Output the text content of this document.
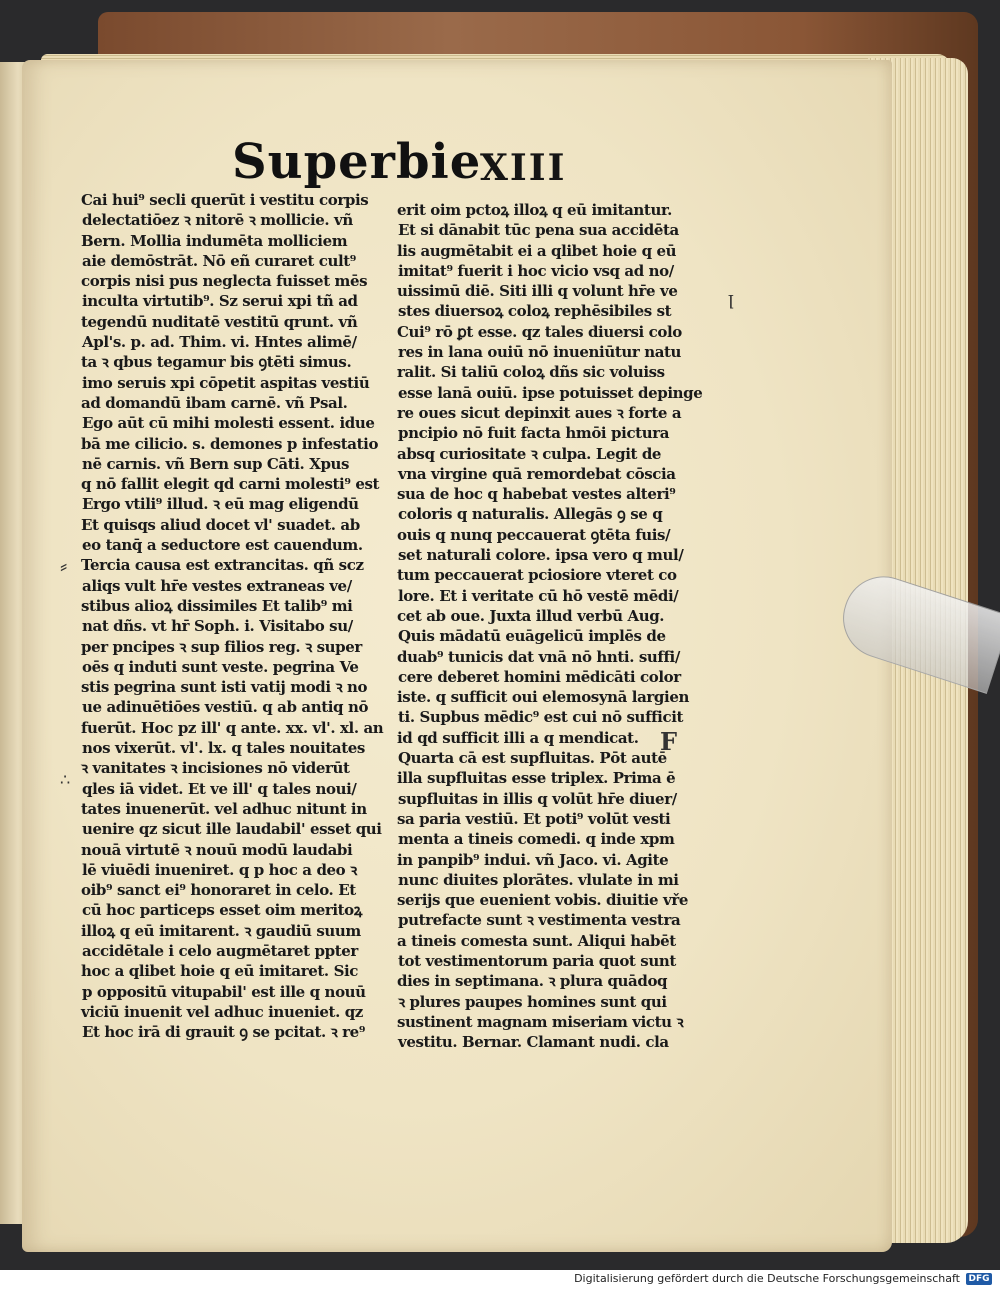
Superbie
XIII
Cai hui⁹ secli querūt i vestitu corpis
delectatiōez ꝛ nitorē ꝛ mollicie. vñ
Bern. Mollia indumēta molliciem
aie demōstrāt. Nō eñ curaret cult⁹
corpis nisi pus neglecta fuisset mēs
inculta virtutib⁹. Sz serui xpi tñ ad
tegendū nuditatē vestitū qrunt. vñ
Apl's. p. ad. Thim. vi. Hntes alimē/
ta ꝛ qbus tegamur bis ꝯtēti simus.
imo seruis xpi cōpetit aspitas vestiū
ad domandū ibam carnē. vñ Psal.
Ego aūt cū mihi molesti essent. idue
bā me cilicio. s. demones p infestatio
nē carnis. vñ Bern sup Cāti. Xpus
q nō fallit elegit qd carni molesti⁹ est
Ergo vtili⁹ illud. ꝛ eū mag eligendū
Et quisqs aliud docet vl' suadet. ab
eo tanq̄ a seductore est cauendum.
Tercia causa est extrancitas. qñ scz
aliqs vult hr̄e vestes extraneas ve/
stibus alioꝝ dissimiles Et talib⁹ mi
nat dñs. vt hr̄ Soph. i. Visitabo su/
per pncipes ꝛ sup filios reg. ꝛ super
oēs q induti sunt veste. pegrina Ve
stis pegrina sunt isti vatij modi ꝛ no
ue adinuētiōes vestiū. q ab antiq nō
fuerūt. Hoc pz ill' q ante. xx. vl'. xl. an
nos vixerūt. vl'. lx. q tales nouitates
ꝛ vanitates ꝛ incisiones nō viderūt
qles iā videt. Et ve ill' q tales noui/
tates inuenerūt. vel adhuc nitunt in
uenire qz sicut ille laudabil' esset qui
nouā virtutē ꝛ nouū modū laudabi
lē viuēdi inueniret. q p hoc a deo ꝛ
oib⁹ sanct ei⁹ honoraret in celo. Et
cū hoc particeps esset oim meritoꝝ
illoꝝ q eū imitarent. ꝛ gaudiū suum
accidētale i celo augmētaret ppter
hoc a qlibet hoie q eū imitaret. Sic
p oppositū vitupabil' est ille q nouū
viciū inuenit vel adhuc inueniet. qz
Et hoc irā di grauit ꝯ se pcitat. ꝛ re⁹
erit oim pctoꝝ illoꝝ q eū imitantur.
Et si dānabit tūc pena sua accidēta
lis augmētabit ei a qlibet hoie q eū
imitat⁹ fuerit i hoc vicio vsq ad no/
uissimū diē. Siti illi q volunt hr̄e ve
stes diuersoꝝ coloꝝ rephēsibiles st
Cui⁹ rō ꝑt esse. qz tales diuersi colo
res in lana ouiū nō inueniūtur natu
ralit. Si taliū coloꝝ dñs sic voluiss
esse lanā ouiū. ipse potuisset depinge
re oues sicut depinxit aues ꝛ forte a
pncipio nō fuit facta hmōi pictura
absq curiositate ꝛ culpa. Legit de
vna virgine quā remordebat cōscia
sua de hoc q habebat vestes alteri⁹
coloris q naturalis. Allegās ꝯ se q
ouis q nunq peccauerat ꝯtēta fuis/
set naturali colore. ipsa vero q mul/
tum peccauerat pciosiore vteret co
lore. Et i veritate cū hō vestē mēdi/
cet ab oue. Juxta illud verbū Aug.
Quis mādatū euāgelicū implēs de
duab⁹ tunicis dat vnā nō hnti. suffi/
cere deberet homini mēdicāti color
iste. q sufficit oui elemosynā largien
ti. Supbus mēdic⁹ est cui nō sufficit
id qd sufficit illi a q mendicat.
Quarta cā est supfluitas. Pōt autē
illa supfluitas esse triplex. Prima ē
supfluitas in illis q volūt hr̄e diuer/
sa paria vestiū. Et poti⁹ volūt vesti
menta a tineis comedi. q inde xpm
in panpib⁹ indui. vñ Jaco. vi. Agite
nunc diuites plorātes. vlulate in mi
serijs que euenient vobis. diuitie vře
putrefacte sunt ꝛ vestimenta vestra
a tineis comesta sunt. Aliqui habēt
tot vestimentorum paria quot sunt
dies in septimana. ꝛ plura quādoq
ꝛ plures paupes homines sunt qui
sustinent magnam miseriam victu ꝛ
vestitu. Bernar. Clamant nudi. cla
F
⸗
∴
ꞁ
Digitalisierung gefördert durch die Deutsche Forschungsgemeinschaft DFG
